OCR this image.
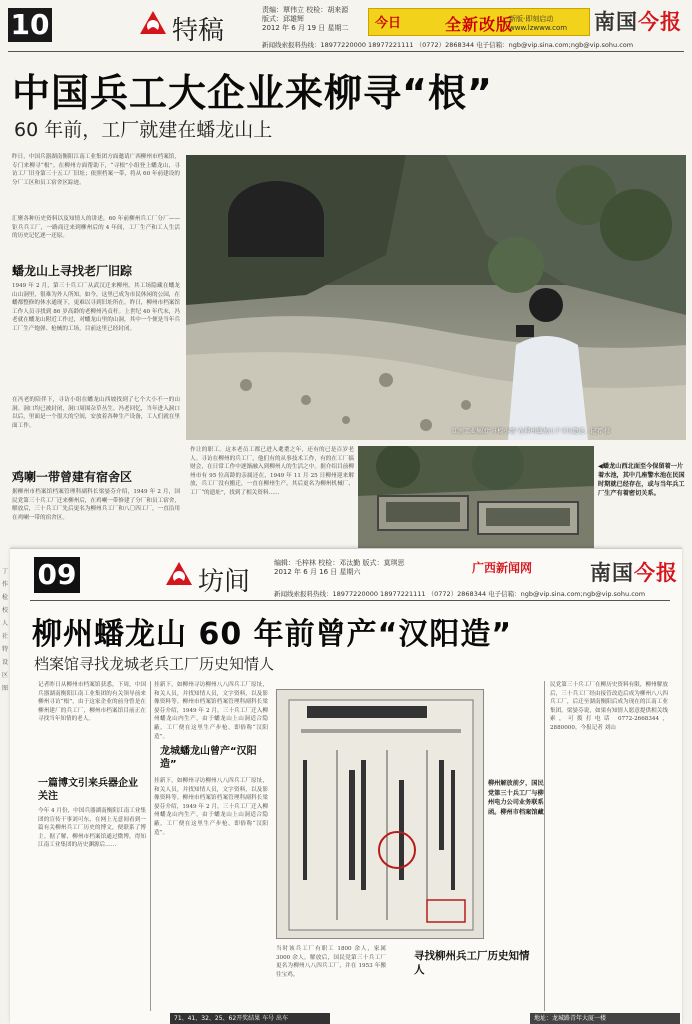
10	特稿
责编：覃伟立 校检：胡来源
版式：邱雄辉
2012 年 6 月 19 日 星期二	今日	全新改版
新版·即刻启动 www.lzwww.com	南国今报
新闻线索报料热线：18977220000 18977221111 （0772）2868344 电子信箱：ngb@vip.sina.com;ngb@vip.sohu.com
中国兵工大企业来柳寻“根”
60 年前，工厂就建在蟠龙山上
昨日，中国兵器湖南衡阳江南工业集团方面邀请广西柳州市档案馆，专门来柳寻“根”。在柳州方面帮助下，“寻根”小组登上蟠龙山，寻访工厂旧身第三十五工厂旧址；依照档案一带，将从 60 年前建设的分厂工区和员工宿舍区踪迹。
汇聚各种历史资料以及知情人的讲述，60 年前柳州兵工厂分厂——钜兵兵工厂，一路商迁来到柳州后的 4 年间，工厂生产和工人生活的历史记忆逐一还原。
蟠龙山上寻找老厂旧踪
1949 年 2 月，第三十兵工厂从武汉迁来柳州，其工场隐藏在蟠龙山山洞里，很难为外人所知。如今，这里已成为市民休闲的公园，在蟠都整修的休水通现下，更难以寻到旧址所在。昨日，柳州市档案馆工作人员寻找到 86 岁高龄的老柳州冯贞杆。上世纪 40 年代末，冯老就在蟠龙山附近工作过，对蟠龙山里的山洞，其中一个便是当年兵工厂生产炮弹、枪械的工场，目前这里已经封闭。
在冯老的陪伴下，寻访小组在蟠龙山西坡找到了七个大小不一的山洞。洞口均已被封闭，洞口周围杂草丛生。冯老回忆，当年进入洞口以后，里面是一个很大的空间，安放着各种生产设备，工人们就在里面工作。
鸡喇一带曾建有宿舍区
据柳州市档案馆档案管理科副科长梁晏芬介绍，1949 年 2 月，国民党第三十兵工厂迁来柳州后，在鸡喇一带修建了分厂和员工宿舍，解放后，三十兵工厂先后更名为柳州兵工厂和八〇四工厂，一直沿用在鸡喇一带的宿舍区。
江南工业集团“寻根小组”在柳州蟠龙山下寻访遗迹。记者 摄
作让的职工。这本老员工都已进入耄耋之年，还有的已是百岁老人。寻访在柳州的兵工厂，他们有的从事技术工作，有的在工厂搞财会，在日常工作中逐渐融入到柳州人的生活之中。据介绍目前柳州市有 95 位高龄的亲属还在，1949 年 11 月 25 日柳州迎来解放，兵工厂没有搬迁，一直在柳州生产，其后更名为柳州机械厂、工厂“的遗址”，找到了相关资料……
◀蟠龙山西北面至今保留着一片着水池，其中几座警水池在民国时期就已经存在，或与当年兵工厂生产有着密切关系。
丁作检校人 社 特设区图
09	坊间
编辑：毛梓林 校检：邓汰勤 版式：莫琪思
2012 年 6 月 16 日 星期六	广西新闻网	南国今报
新闻线索报料热线：18977220000 18977221111 （0772）2868344 电子信箱：ngb@vip.sina.com;ngb@vip.sohu.com
柳州蟠龙山 60 年前曾产“汉阳造”
档案馆寻找龙城老兵工厂历史知情人
记者昨日从柳州市档案馆获悉，下周，中国兵器湖南衡阳江南工业集团的有关领导前来柳州寻访“根”，由于这家企业的前身曾是在柳州建厂的兵工厂，柳州市档案馆目前正在寻找当年知情的老人。
一篇博文引来兵器企业关注
今年 4 月份，中国兵器湖南衡阳江南工业集团的宣传干事刘可东，在网上无意间看到一篇有关柳州兵工厂历史的博文，便联系了博主。据了解，柳州市档案馆通过微博，得知江南工业集团的历史渊源后……
挂新下，如柳州寻访柳州八八四兵工厂原址，和关人员，并找知情人员，文字资料，以及影像资料等。柳州市档案馆档案管理科副科长梁晏芬介绍，1949 年 2 月，三十兵工厂迁入柳州蟠龙山内生产，由于蟠龙山上山洞适合隐蔽，工厂便在这里生产步枪，即俗称“汉阳造”。
龙城蟠龙山曾产“汉阳造”
挂新下，如柳州寻访柳州八八四兵工厂原址，和关人员，并找知情人员，文字资料，以及影像资料等。柳州市档案馆档案管理科副科长梁晏芬介绍，1949 年 2 月，三十兵工厂迁入柳州蟠龙山内生产，由于蟠龙山上山洞适合隐蔽，工厂便在这里生产步枪，即俗称“汉阳造”。
柳州解放前夕，国民党第三十兵工厂与柳州电力公司业务联系函。柳州市档案馆藏
当时该兵工厂有职工 1800 余人，家属 3000 余人。解放后，国民党第三十兵工厂更名为柳州八八四兵工厂，并在 1953 年搬往宝鸡。
寻找柳州兵工厂历史知情人
民党第三十兵工厂在柳历史资料有限，柳州解放后，三十兵工厂经由接管改造后成为柳州八八四兵工厂，后迁至湖南衡阳后成为现在的江南工业集团。梁晏芬说，如果有知情人愿意提供相关线索，可拨打电话 0772-2668344，2880000。今报记者 刘山
71、41、32、25、62开奖结果 车号 出车	地址：龙城路青年大厦一楼
